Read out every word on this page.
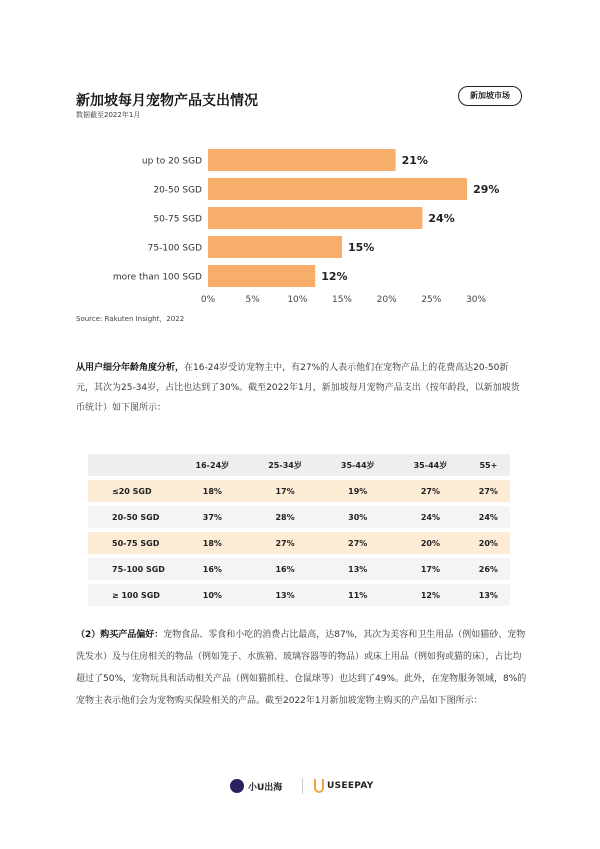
新加坡每月宠物产品支出情况
数据截至2022年1月
新加坡市场
up to 20 SGD	21%
20-50 SGD	29%
50-75 SGD	24%
75-100 SGD	15%
more than 100 SGD	12%
0%	5%	10%	15%	20%	25%	30%
Source: Rakuten Insight，2022
从用户细分年龄角度分析，在16-24岁受访宠物主中，有27%的人表示他们在宠物产品上的花费高达20-50新元，其次为25-34岁，占比也达到了30%。截至2022年1月，新加坡每月宠物产品支出（按年龄段，以新加坡货币统计）如下图所示：
	16-24岁	25-34岁	35-44岁	35-44岁	55+
≤20 SGD	18%	17%	19%	27%	27%
20-50 SGD	37%	28%	30%	24%	24%
50-75 SGD	18%	27%	27%	20%	20%
75-100 SGD	16%	16%	13%	17%	26%
≥ 100 SGD	10%	13%	11%	12%	13%
（2）购买产品偏好：宠物食品、零食和小吃的消费占比最高，达87%，其次为美容和卫生用品（例如猫砂、宠物洗发水）及与住房相关的物品（例如笼子、水族箱、玻璃容器等的物品）或床上用品（例如狗或猫的床），占比均超过了50%，宠物玩具和活动相关产品（例如猫抓柱、仓鼠球等）也达到了49%。此外，在宠物服务领域，8%的宠物主表示他们会为宠物购买保险相关的产品。截至2022年1月新加坡宠物主购买的产品如下图所示：
小U出海	USEEPAY
